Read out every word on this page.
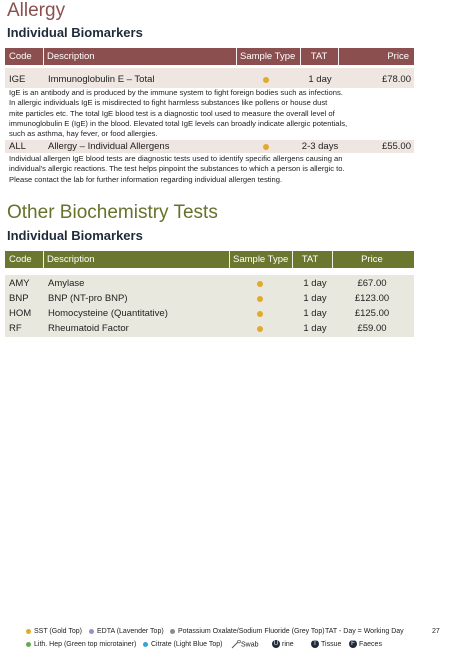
Allergy
Individual Biomarkers
Code Description	Sample Type	TAT	Price
IGE Immunoglobulin E – Total	1 day	£78.00
IgE is an antibody and is produced by the immune system to fight foreign bodies such as infections.
In allergic individuals IgE is misdirected to fight harmless substances like pollens or house dust
mite particles etc. The total IgE blood test is a diagnostic tool used to measure the overall level of
immunoglobulin E (IgE) in the blood. Elevated total IgE levels can broadly indicate allergic potentials,
such as asthma, hay fever, or food allergies.
ALL Allergy – Individual Allergens	2-3 days	£55.00
Individual allergen IgE blood tests are diagnostic tests used to identify specific allergens causing an
individual's allergic reactions. The test helps pinpoint the substances to which a person is allergic to.
Please contact the lab for further information regarding individual allergen testing.
Other Biochemistry Tests
Individual Biomarkers
Code Description	Sample Type	TAT	Price
AMY Amylase	1 day	£67.00
BNP BNP (NT-pro BNP)	1 day	£123.00
HOM Homocysteine (Quantitative)	1 day	£125.00
RF	Rheumatoid Factor	1 day	£59.00
SST (Gold Top)	EDTA (Lavender Top)	Potassium Oxalate/Sodium Fluoride (Grey Top) TAT - Day = Working Day	27
Lith. Hep (Green top microtainer)	Citrate (Light Blue Top)	Swab	U rine	T Tissue	F Faeces
